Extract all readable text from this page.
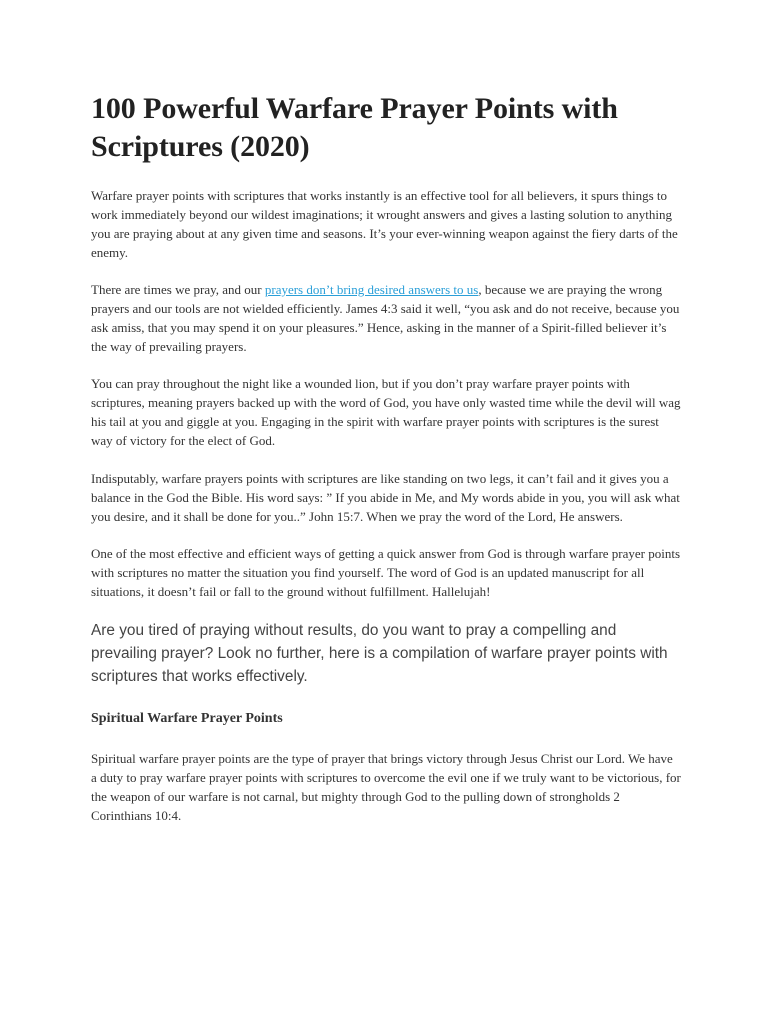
100 Powerful Warfare Prayer Points with Scriptures (2020)

Warfare prayer points with scriptures that works instantly is an effective tool for all believers, it spurs things to work immediately beyond our wildest imaginations; it wrought answers and gives a lasting solution to anything you are praying about at any given time and seasons. It’s your ever-winning weapon against the fiery darts of the enemy.

There are times we pray, and our prayers don’t bring desired answers to us, because we are praying the wrong prayers and our tools are not wielded efficiently. James 4:3 said it well, “you ask and do not receive, because you ask amiss, that you may spend it on your pleasures.” Hence, asking in the manner of a Spirit-filled believer it’s the way of prevailing prayers.

You can pray throughout the night like a wounded lion, but if you don’t pray warfare prayer points with scriptures, meaning prayers backed up with the word of God, you have only wasted time while the devil will wag his tail at you and giggle at you. Engaging in the spirit with warfare prayer points with scriptures is the surest way of victory for the elect of God.

Indisputably, warfare prayers points with scriptures are like standing on two legs, it can’t fail and it gives you a balance in the God the Bible. His word says: ” If you abide in Me, and My words abide in you, you will ask what you desire, and it shall be done for you..” John 15:7. When we pray the word of the Lord, He answers.

One of the most effective and efficient ways of getting a quick answer from God is through warfare prayer points with scriptures no matter the situation you find yourself. The word of God is an updated manuscript for all situations, it doesn’t fail or fall to the ground without fulfillment. Hallelujah!

Are you tired of praying without results, do you want to pray a compelling and prevailing prayer? Look no further, here is a compilation of warfare prayer points with scriptures that works effectively.

Spiritual Warfare Prayer Points

Spiritual warfare prayer points are the type of prayer that brings victory through Jesus Christ our Lord. We have a duty to pray warfare prayer points with scriptures to overcome the evil one if we truly want to be victorious, for the weapon of our warfare is not carnal, but mighty through God to the pulling down of strongholds 2 Corinthians 10:4.
